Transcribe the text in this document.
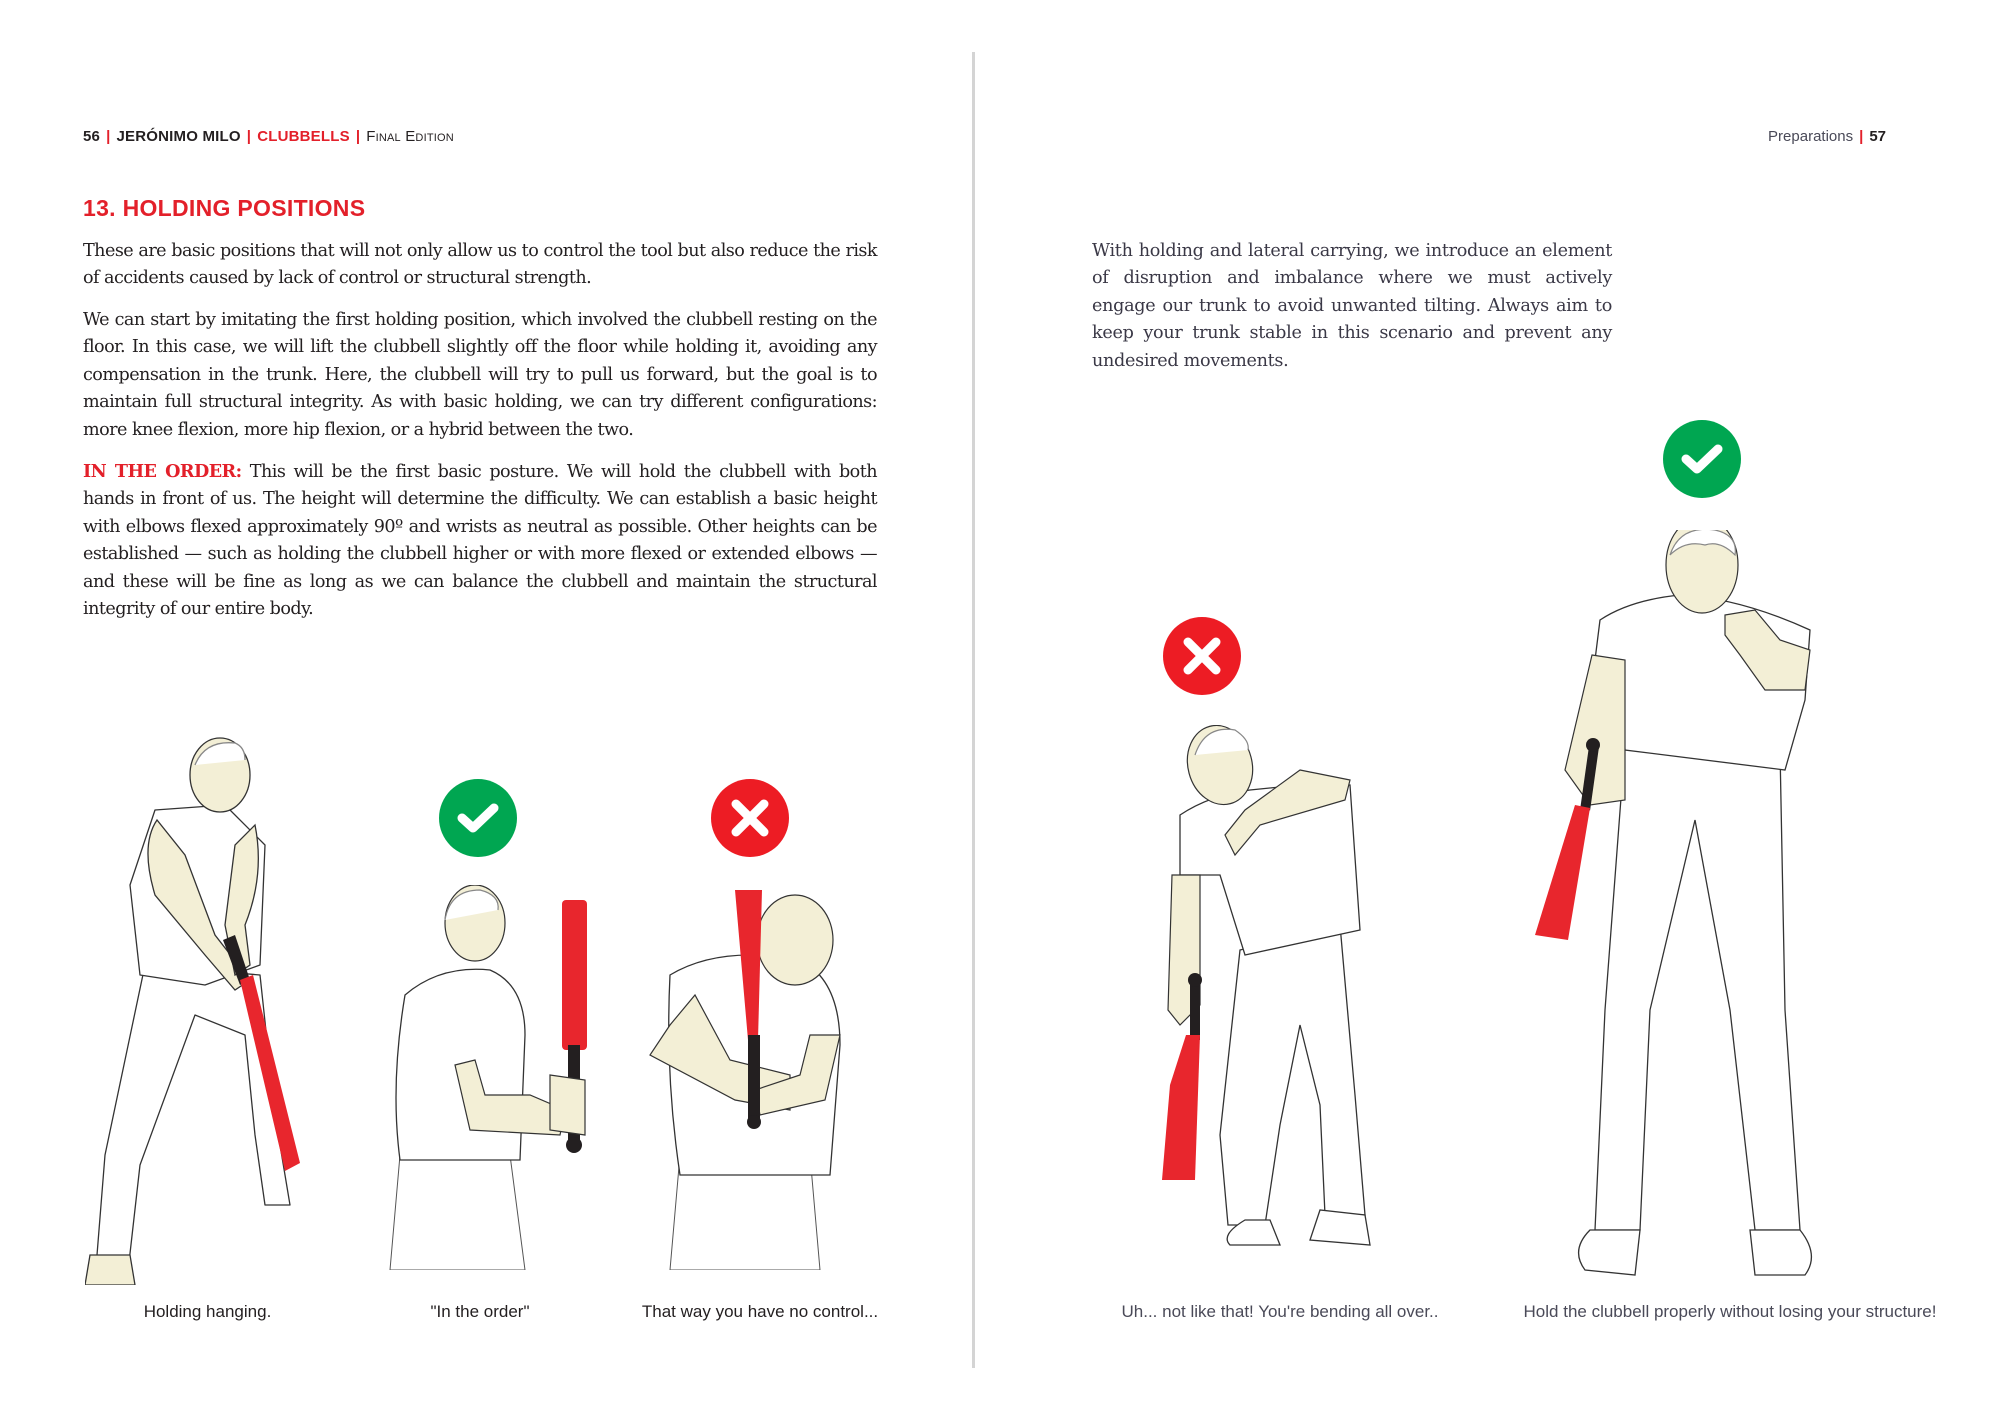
56 | JERÓNIMO MILO | CLUBBELLS | Final Edition
13. HOLDING POSITIONS
These are basic positions that will not only allow us to control the tool but also reduce the risk of accidents caused by lack of control or structural strength.
We can start by imitating the first holding position, which involved the clubbell resting on the floor. In this case, we will lift the clubbell slightly off the floor while holding it, avoiding any compensation in the trunk. Here, the clubbell will try to pull us forward, but the goal is to maintain full structural integrity. As with basic holding, we can try different configurations: more knee flexion, more hip flexion, or a hybrid between the two.
IN THE ORDER: This will be the first basic posture. We will hold the clubbell with both hands in front of us. The height will determine the difficulty. We can establish a basic height with elbows flexed approximately 90º and wrists as neutral as possible. Other heights can be established — such as holding the clubbell higher or with more flexed or extended elbows — and these will be fine as long as we can balance the clubbell and maintain the structural integrity of our entire body.
Holding hanging.	"In the order"	That way you have no control...
Preparations | 57
With holding and lateral carrying, we introduce an element of disruption and imbalance where we must actively engage our trunk to avoid unwanted tilting. Always aim to keep your trunk stable in this scenario and prevent any undesired movements.
Uh... not like that! You're bending all over..	Hold the clubbell properly without losing your structure!
